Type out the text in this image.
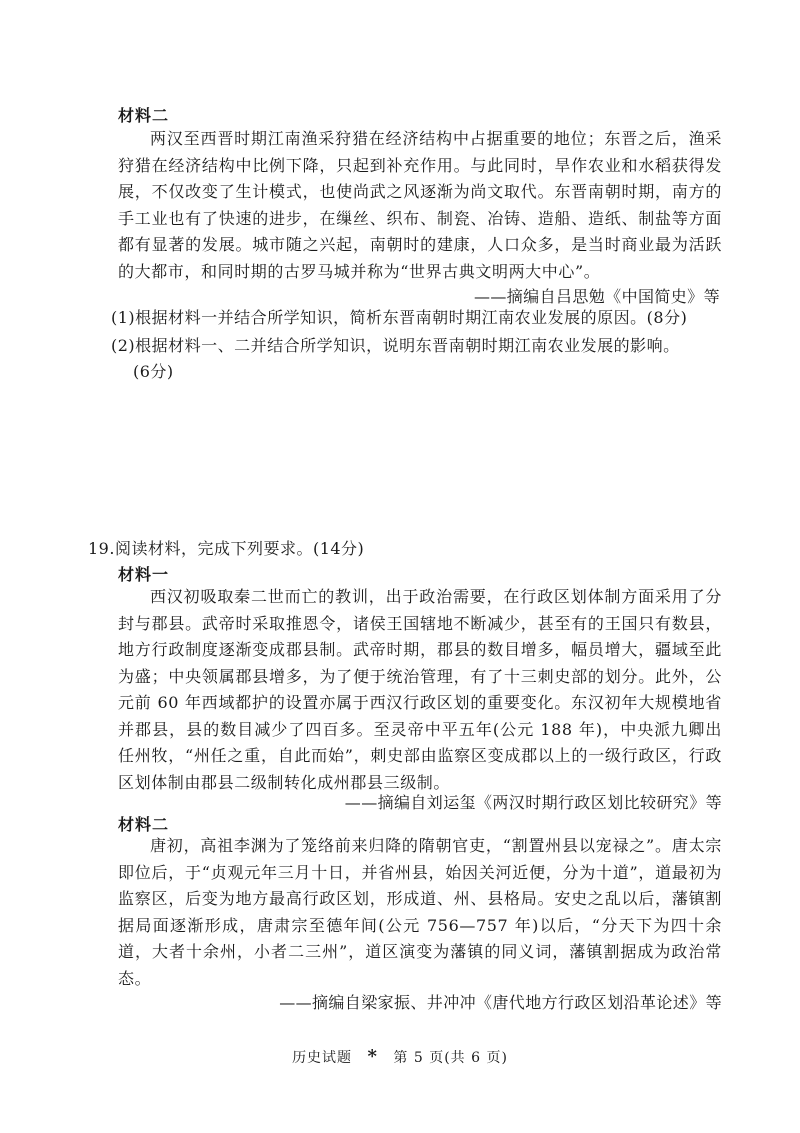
材料二
两汉至西晋时期江南渔采狩猎在经济结构中占据重要的地位；东晋之后，渔采狩猎在经济结构中比例下降，只起到补充作用。与此同时，旱作农业和水稻获得发展，不仅改变了生计模式，也使尚武之风逐渐为尚文取代。东晋南朝时期，南方的手工业也有了快速的进步，在缫丝、织布、制瓷、冶铸、造船、造纸、制盐等方面都有显著的发展。城市随之兴起，南朝时的建康，人口众多，是当时商业最为活跃的大都市，和同时期的古罗马城并称为“世界古典文明两大中心”。
——摘编自吕思勉《中国简史》等
(1)根据材料一并结合所学知识，简析东晋南朝时期江南农业发展的原因。(8分)
(2)根据材料一、二并结合所学知识，说明东晋南朝时期江南农业发展的影响。
(6分)
19.阅读材料，完成下列要求。(14分)
材料一
西汉初吸取秦二世而亡的教训，出于政治需要，在行政区划体制方面采用了分封与郡县。武帝时采取推恩令，诸侯王国辖地不断减少，甚至有的王国只有数县，地方行政制度逐渐变成郡县制。武帝时期，郡县的数目增多，幅员增大，疆域至此为盛；中央领属郡县增多，为了便于统治管理，有了十三刺史部的划分。此外，公元前 60 年西域都护的设置亦属于西汉行政区划的重要变化。东汉初年大规模地省并郡县，县的数目减少了四百多。至灵帝中平五年(公元 188 年)，中央派九卿出任州牧，“州任之重，自此而始”，刺史部由监察区变成郡以上的一级行政区，行政区划体制由郡县二级制转化成州郡县三级制。
——摘编自刘运玺《两汉时期行政区划比较研究》等
材料二
唐初，高祖李渊为了笼络前来归降的隋朝官吏，“割置州县以宠禄之”。唐太宗即位后，于“贞观元年三月十日，并省州县，始因关河近便，分为十道”，道最初为监察区，后变为地方最高行政区划，形成道、州、县格局。安史之乱以后，藩镇割据局面逐渐形成，唐肃宗至德年间(公元 756—757 年)以后，“分天下为四十余道，大者十余州，小者二三州”，道区演变为藩镇的同义词，藩镇割据成为政治常态。
——摘编自梁家振、井冲冲《唐代地方行政区划沿革论述》等
历史试题 * 第 5 页(共 6 页)
